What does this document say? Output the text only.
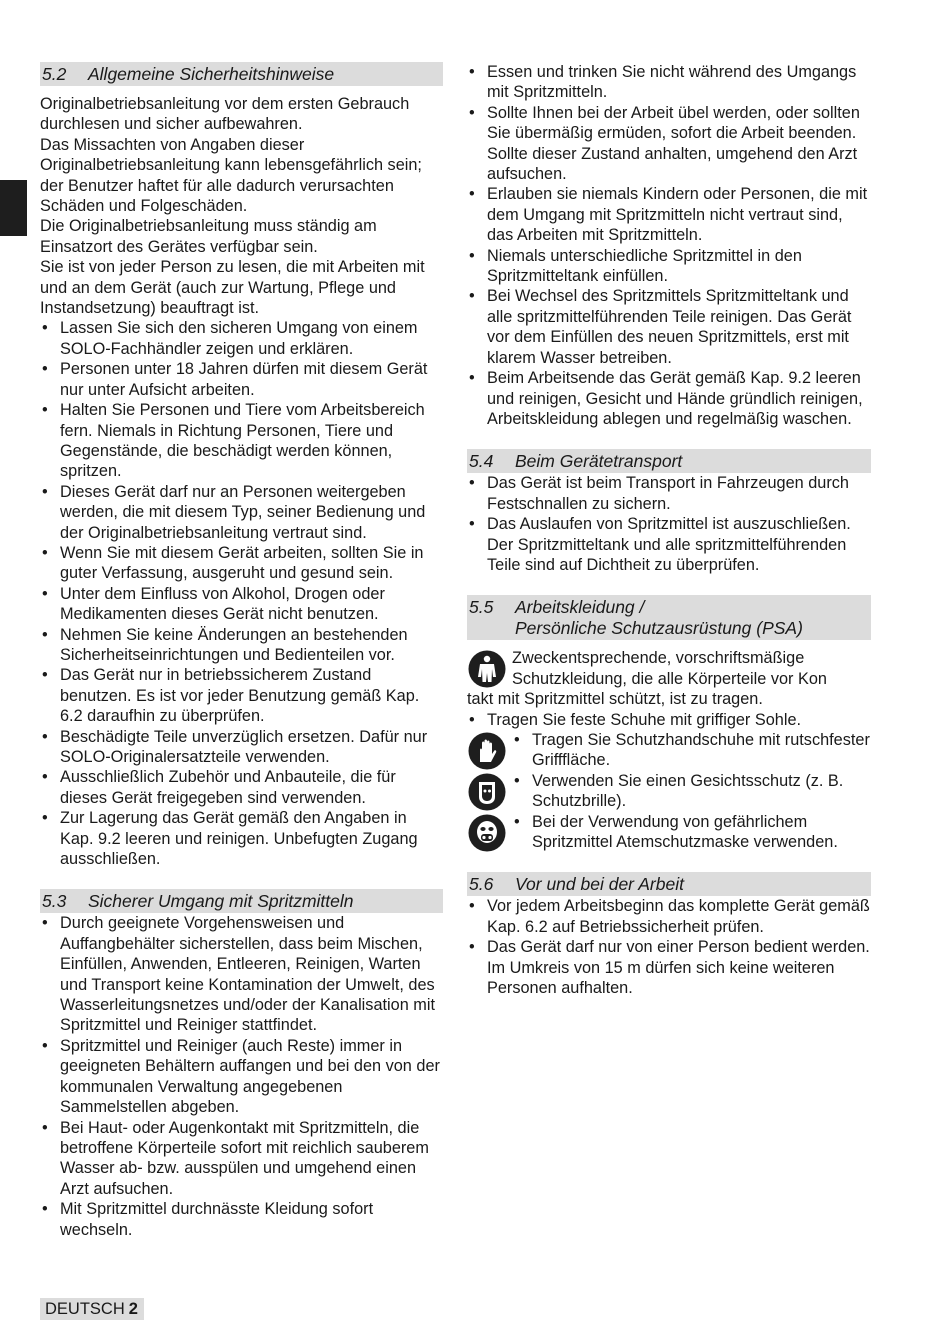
5.2	Allgemeine Sicherheitshinweise

Originalbetriebsanleitung vor dem ersten Gebrauch durchlesen und sicher aufbewahren.

Das Missachten von Angaben dieser Originalbetriebsanleitung kann lebensgefährlich sein; der Benutzer haftet für alle dadurch verursachten Schäden und Folgeschäden.

Die Originalbetriebsanleitung muss ständig am Einsatzort des Gerätes verfügbar sein.

Sie ist von jeder Person zu lesen, die mit Arbeiten mit und an dem Gerät (auch zur Wartung, Pflege und Instandsetzung) beauftragt ist.

• Lassen Sie sich den sicheren Umgang von einem SOLO-Fachhändler zeigen und erklären.
• Personen unter 18 Jahren dürfen mit diesem Gerät nur unter Aufsicht arbeiten.
• Halten Sie Personen und Tiere vom Arbeitsbereich fern. Niemals in Richtung Personen, Tiere und Gegenstände, die beschädigt werden können, spritzen.
• Dieses Gerät darf nur an Personen weitergeben werden, die mit diesem Typ, seiner Bedienung und der Originalbetriebsanleitung vertraut sind.
• Wenn Sie mit diesem Gerät arbeiten, sollten Sie in guter Verfassung, ausgeruht und gesund sein.
• Unter dem Einfluss von Alkohol, Drogen oder Medikamenten dieses Gerät nicht benutzen.
• Nehmen Sie keine Änderungen an bestehenden Sicherheitseinrichtungen und Bedienteilen vor.
• Das Gerät nur in betriebssicherem Zustand benutzen. Es ist vor jeder Benutzung gemäß Kap. 6.2 daraufhin zu überprüfen.
• Beschädigte Teile unverzüglich ersetzen. Dafür nur SOLO-Originalersatzteile verwenden.
• Ausschließlich Zubehör und Anbauteile, die für dieses Gerät freigegeben sind verwenden.
• Zur Lagerung das Gerät gemäß den Angaben in Kap. 9.2 leeren und reinigen. Unbefugten Zugang ausschließen.
5.3	Sicherer Umgang mit Spritzmitteln
• Durch geeignete Vorgehensweisen und Auffangbehälter sicherstellen, dass beim Mischen, Einfüllen, Anwenden, Entleeren, Reinigen, Warten und Transport keine Kontamination der Umwelt, des Wasserleitungsnetzes und/oder der Kanalisation mit Spritzmittel und Reiniger stattfindet.
• Spritzmittel und Reiniger (auch Reste) immer in geeigneten Behältern auffangen und bei den von der kommunalen Verwaltung angegebenen Sammelstellen abgeben.
• Bei Haut- oder Augenkontakt mit Spritzmitteln, die betroffene Körperteile sofort mit reichlich sauberem Wasser ab- bzw. ausspülen und umgehend einen Arzt aufsuchen.
• Mit Spritzmittel durchnässte Kleidung sofort wechseln.
• Essen und trinken Sie nicht während des Umgangs mit Spritzmitteln.
• Sollte Ihnen bei der Arbeit übel werden, oder sollten Sie übermäßig ermüden, sofort die Arbeit beenden. Sollte dieser Zustand anhalten, umgehend den Arzt aufsuchen.
• Erlauben sie niemals Kindern oder Personen, die mit dem Umgang mit Spritzmitteln nicht vertraut sind, das Arbeiten mit Spritzmitteln.
• Niemals unterschiedliche Spritzmittel in den Spritzmitteltank einfüllen.
• Bei Wechsel des Spritzmittels Spritzmitteltank und alle spritzmittelführenden Teile reinigen. Das Gerät vor dem Einfüllen des neuen Spritzmittels, erst mit klarem Wasser betreiben.
• Beim Arbeitsende das Gerät gemäß Kap. 9.2 leeren und reinigen, Gesicht und Hände gründlich reinigen, Arbeitskleidung ablegen und regelmäßig waschen.
5.4	Beim Gerätetransport
• Das Gerät ist beim Transport in Fahrzeugen durch Festschnallen zu sichern.
• Das Auslaufen von Spritzmittel ist auszuschließen. Der Spritzmitteltank und alle spritzmittelführenden Teile sind auf Dichtheit zu überprüfen.
5.5	Arbeitskleidung /
Persönliche Schutzausrüstung (PSA)

Zweckentsprechende, vorschriftsmäßige Schutzkleidung, die alle Körperteile vor Kon

takt mit Spritzmittel schützt, ist zu tragen.

• Tragen Sie feste Schuhe mit griffiger Sohle.
• Tragen Sie Schutzhandschuhe mit rutschfester Grifffläche.
• Verwenden Sie einen Gesichtsschutz (z. B. Schutzbrille).
• Bei der Verwendung von gefährlichem Spritzmittel Atemschutzmaske verwenden.
5.6	Vor und bei der Arbeit
• Vor jedem Arbeitsbeginn das komplette Gerät gemäß Kap. 6.2 auf Betriebssicherheit prüfen.
• Das Gerät darf nur von einer Person bedient werden. Im Umkreis von 15 m dürfen sich keine weiteren Personen aufhalten.
DEUTSCH 2
